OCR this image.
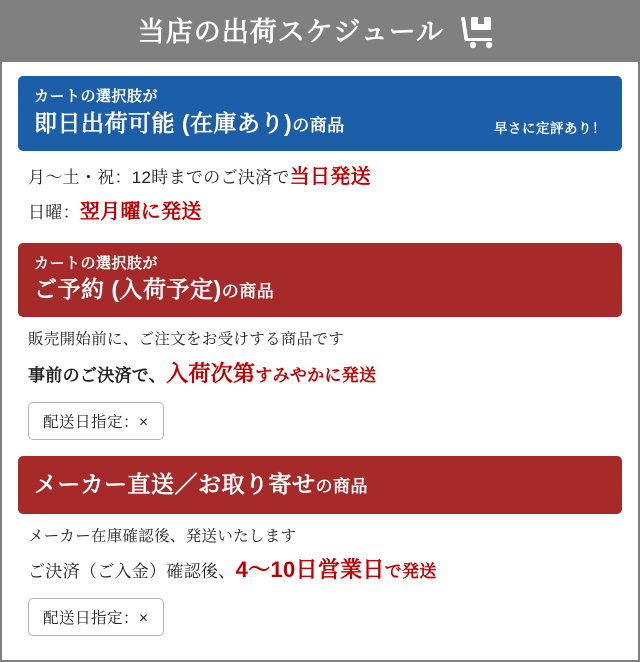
当店の出荷スケジュール
カートの選択肢が
即日出荷可能 (在庫あり)の商品	早さに定評あり！
月～土・祝：12時までのご決済で当日発送
日曜：翌月曜に発送
カートの選択肢が
ご予約 (入荷予定)の商品
販売開始前に、ご注文をお受けする商品です
事前のご決済で、入荷次第すみやかに発送
配送日指定：×
メーカー直送／お取り寄せの商品
メーカー在庫確認後、発送いたします
ご決済（ご入金）確認後、4～10日営業日で発送
配送日指定：×
